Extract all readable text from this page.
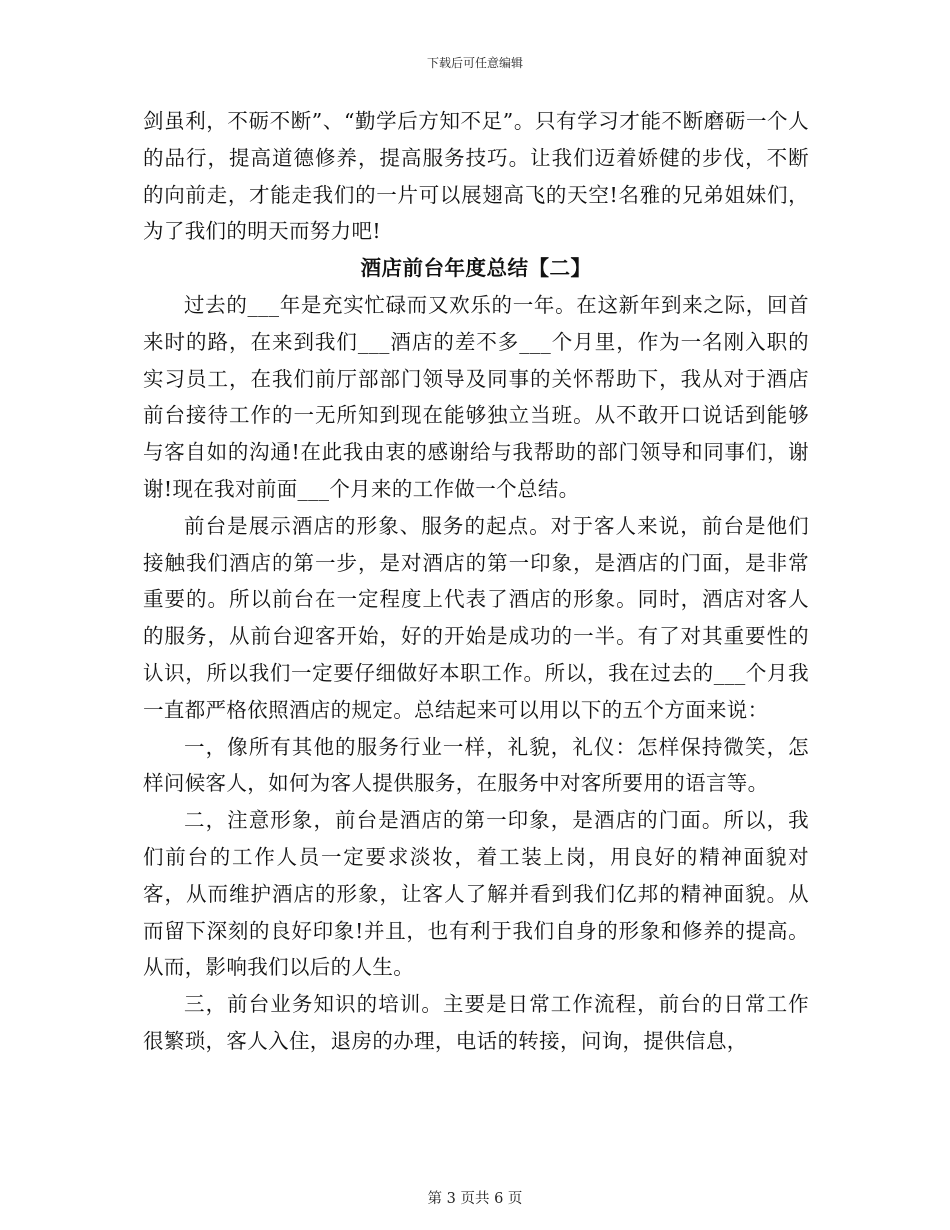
下载后可任意编辑

剑虽利，不砺不断”、“勤学后方知不足”。只有学习才能不断磨砺一个人的品行，提高道德修养，提高服务技巧。让我们迈着娇健的步伐，不断的向前走，才能走我们的一片可以展翅高飞的天空!名雅的兄弟姐妹们，为了我们的明天而努力吧!

酒店前台年度总结【二】

过去的___年是充实忙碌而又欢乐的一年。在这新年到来之际，回首来时的路，在来到我们___酒店的差不多___个月里，作为一名刚入职的实习员工，在我们前厅部部门领导及同事的关怀帮助下，我从对于酒店前台接待工作的一无所知到现在能够独立当班。从不敢开口说话到能够与客自如的沟通!在此我由衷的感谢给与我帮助的部门领导和同事们，谢谢!现在我对前面___个月来的工作做一个总结。

前台是展示酒店的形象、服务的起点。对于客人来说，前台是他们接触我们酒店的第一步，是对酒店的第一印象，是酒店的门面，是非常重要的。所以前台在一定程度上代表了酒店的形象。同时，酒店对客人的服务，从前台迎客开始，好的开始是成功的一半。有了对其重要性的认识，所以我们一定要仔细做好本职工作。所以，我在过去的___个月我一直都严格依照酒店的规定。总结起来可以用以下的五个方面来说：

一，像所有其他的服务行业一样，礼貌，礼仪：怎样保持微笑，怎样问候客人，如何为客人提供服务，在服务中对客所要用的语言等。

二，注意形象，前台是酒店的第一印象，是酒店的门面。所以，我们前台的工作人员一定要求淡妆，着工装上岗，用良好的精神面貌对客，从而维护酒店的形象，让客人了解并看到我们亿邦的精神面貌。从而留下深刻的良好印象!并且，也有利于我们自身的形象和修养的提高。从而，影响我们以后的人生。

三，前台业务知识的培训。主要是日常工作流程，前台的日常工作很繁琐，客人入住，退房的办理，电话的转接，问询，提供信息，

第 3 页共 6 页
